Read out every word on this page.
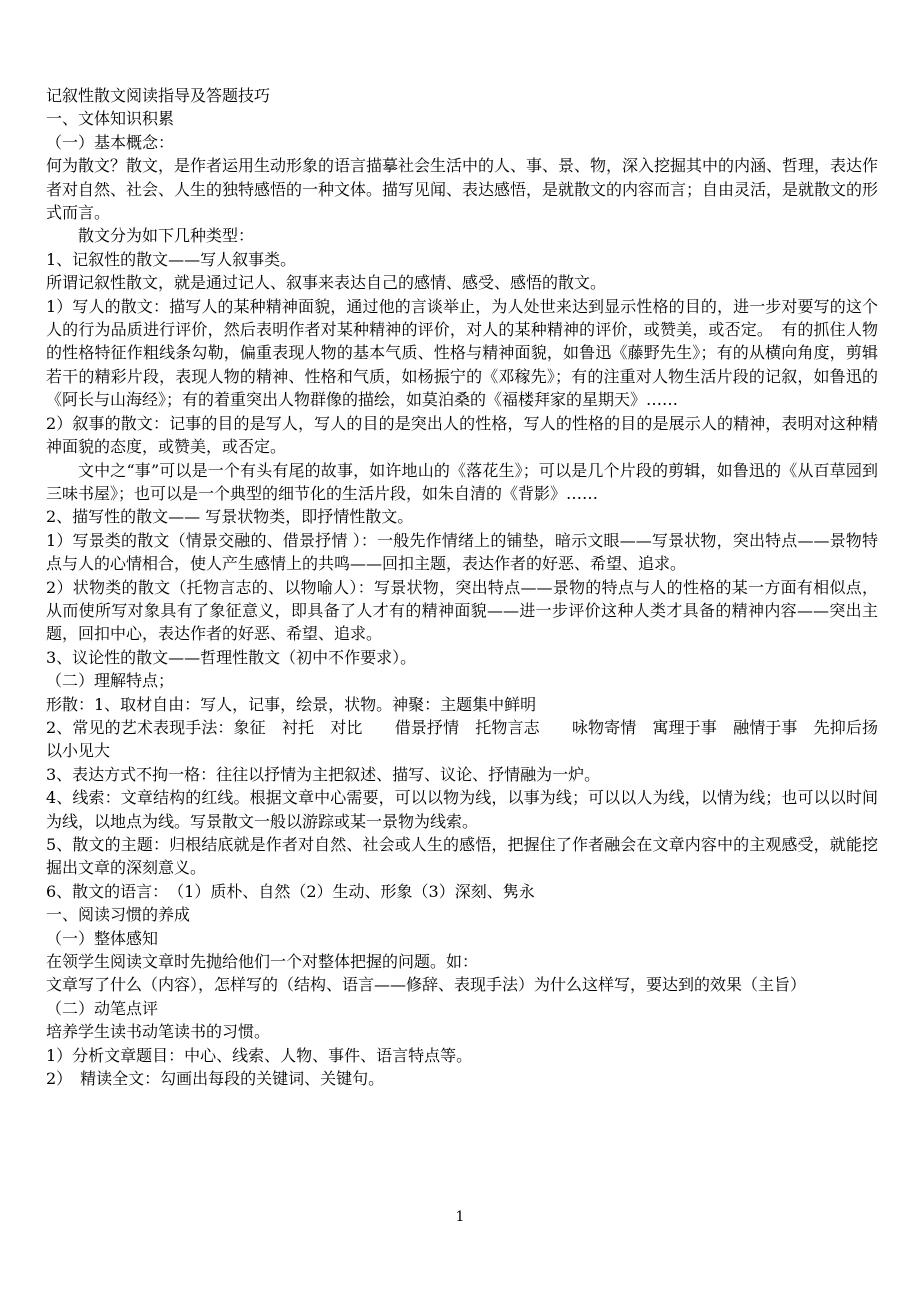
记叙性散文阅读指导及答题技巧

一、文体知识积累

（一）基本概念：

何为散文？散文，是作者运用生动形象的语言描摹社会生活中的人、事、景、物，深入挖掘其中的内涵、哲理，表达作者对自然、社会、人生的独特感悟的一种文体。描写见闻、表达感悟，是就散文的内容而言；自由灵活，是就散文的形式而言。

散文分为如下几种类型：

1、记叙性的散文——写人叙事类。

所谓记叙性散文，就是通过记人、叙事来表达自己的感情、感受、感悟的散文。

1）写人的散文：描写人的某种精神面貌，通过他的言谈举止，为人处世来达到显示性格的目的，进一步对要写的这个人的行为品质进行评价，然后表明作者对某种精神的评价，对人的某种精神的评价，或赞美，或否定。　有的抓住人物的性格特征作粗线条勾勒，偏重表现人物的基本气质、性格与精神面貌，如鲁迅《藤野先生》；有的从横向角度，剪辑若干的精彩片段，表现人物的精神、性格和气质，如杨振宁的《邓稼先》；有的注重对人物生活片段的记叙，如鲁迅的《阿长与山海经》；有的着重突出人物群像的描绘，如莫泊桑的《福楼拜家的星期天》……

2）叙事的散文：记事的目的是写人，写人的目的是突出人的性格，写人的性格的目的是展示人的精神，表明对这种精神面貌的态度，或赞美，或否定。

文中之“事”可以是一个有头有尾的故事，如许地山的《落花生》；可以是几个片段的剪辑，如鲁迅的《从百草园到三味书屋》；也可以是一个典型的细节化的生活片段，如朱自清的《背影》……

2、描写性的散文—— 写景状物类，即抒情性散文。

1）写景类的散文（情景交融的、借景抒情 ）：一般先作情绪上的铺垫，暗示文眼——写景状物，突出特点——景物特点与人的心情相合，使人产生感情上的共鸣——回扣主题，表达作者的好恶、希望、追求。

2）状物类的散文（托物言志的、以物喻人）：写景状物，突出特点——景物的特点与人的性格的某一方面有相似点，从而使所写对象具有了象征意义，即具备了人才有的精神面貌——进一步评价这种人类才具备的精神内容——突出主题，回扣中心，表达作者的好恶、希望、追求。

3、议论性的散文——哲理性散文（初中不作要求）。

（二）理解特点；

形散：1、取材自由：写人，记事，绘景，状物。神聚：主题集中鲜明

2、常见的艺术表现手法：象征　衬托　对比　　借景抒情　托物言志　　咏物寄情　寓理于事　融情于事　先抑后扬　以小见大

3、表达方式不拘一格：往往以抒情为主把叙述、描写、议论、抒情融为一炉。

4、线索：文章结构的红线。根据文章中心需要，可以以物为线，以事为线；可以以人为线，以情为线；也可以以时间为线，以地点为线。写景散文一般以游踪或某一景物为线索。

5、散文的主题：归根结底就是作者对自然、社会或人生的感悟，把握住了作者融会在文章内容中的主观感受，就能挖掘出文章的深刻意义。

6、散文的语言：　（1）质朴、自然（2）生动、形象（3）深刻、隽永

一、阅读习惯的养成

（一）整体感知

在领学生阅读文章时先抛给他们一个对整体把握的问题。如：

文章写了什么（内容），怎样写的（结构、语言——修辞、表现手法）为什么这样写，要达到的效果（主旨）

（二）动笔点评

培养学生读书动笔读书的习惯。

1）分析文章题目：中心、线索、人物、事件、语言特点等。

2）　精读全文：勾画出每段的关键词、关键句。

1
